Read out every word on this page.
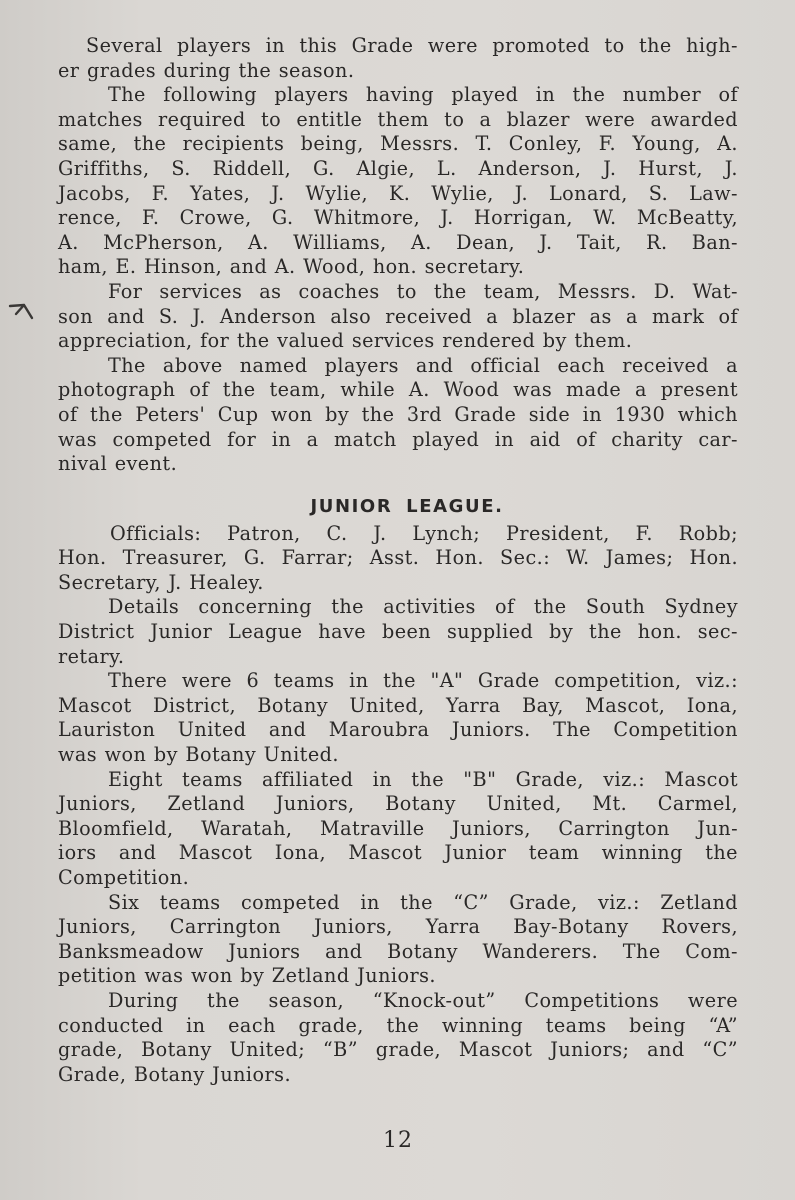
Several players in this Grade were promoted to the high-
er grades during the season.
The following players having played in the number of
matches required to entitle them to a blazer were awarded
same, the recipients being, Messrs. T. Conley, F. Young, A.
Griffiths, S. Riddell, G. Algie, L. Anderson, J. Hurst, J.
Jacobs, F. Yates, J. Wylie, K. Wylie, J. Lonard, S. Law-
rence, F. Crowe, G. Whitmore, J. Horrigan, W. McBeatty,
A. McPherson, A. Williams, A. Dean, J. Tait, R. Ban-
ham, E. Hinson, and A. Wood, hon. secretary.
For services as coaches to the team, Messrs. D. Wat-
son and S. J. Anderson also received a blazer as a mark of
appreciation, for the valued services rendered by them.
The above named players and official each received a
photograph of the team, while A. Wood was made a present
of the Peters' Cup won by the 3rd Grade side in 1930 which
was competed for in a match played in aid of charity car-
nival event.
JUNIOR LEAGUE.
Officials: Patron, C. J. Lynch; President, F. Robb;
Hon. Treasurer, G. Farrar; Asst. Hon. Sec.: W. James; Hon.
Secretary, J. Healey.
Details concerning the activities of the South Sydney
District Junior League have been supplied by the hon. sec-
retary.
There were 6 teams in the "A" Grade competition, viz.:
Mascot District, Botany United, Yarra Bay, Mascot, Iona,
Lauriston United and Maroubra Juniors. The Competition
was won by Botany United.
Eight teams affiliated in the "B" Grade, viz.: Mascot
Juniors, Zetland Juniors, Botany United, Mt. Carmel,
Bloomfield, Waratah, Matraville Juniors, Carrington Jun-
iors and Mascot Iona, Mascot Junior team winning the
Competition.
Six teams competed in the “C” Grade, viz.: Zetland
Juniors, Carrington Juniors, Yarra Bay-Botany Rovers,
Banksmeadow Juniors and Botany Wanderers. The Com-
petition was won by Zetland Juniors.
During the season, “Knock-out” Competitions were
conducted in each grade, the winning teams being “A”
grade, Botany United; “B” grade, Mascot Juniors; and “C”
Grade, Botany Juniors.
12
